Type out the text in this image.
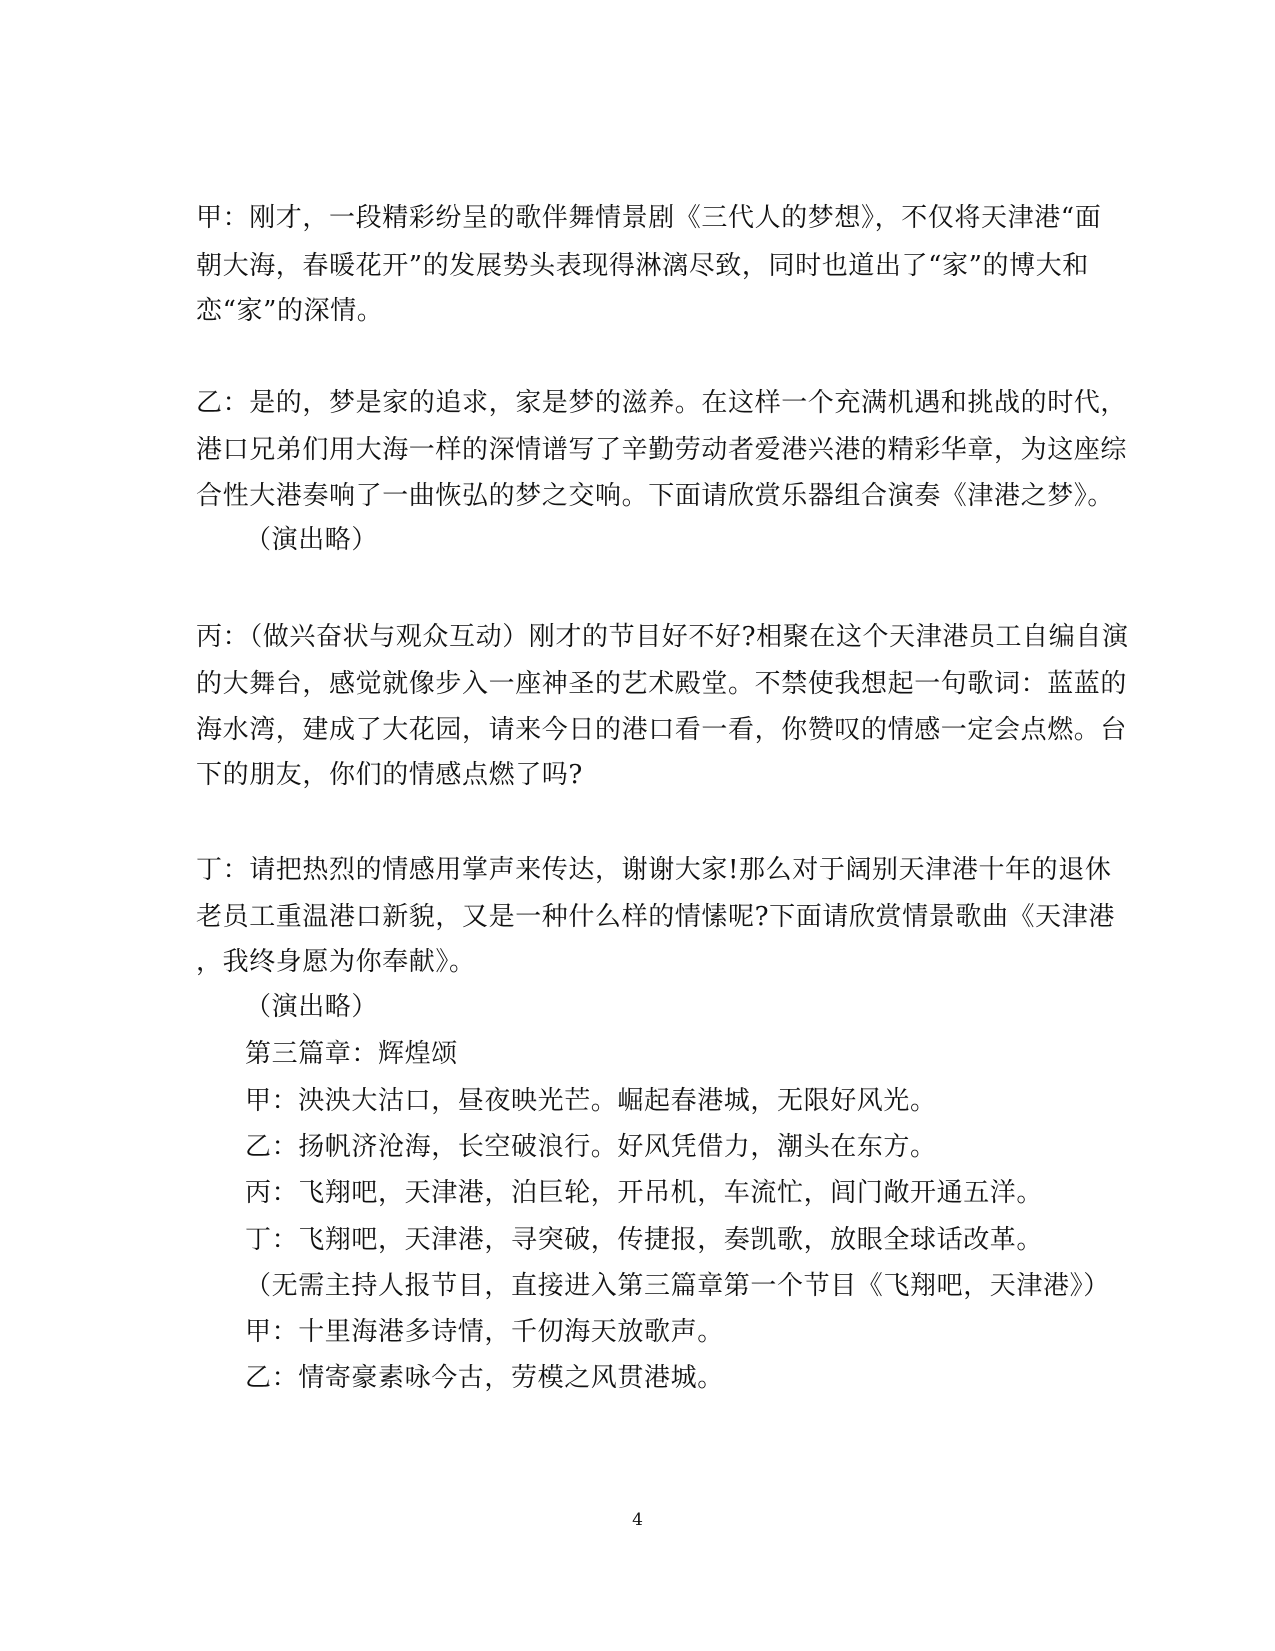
甲：刚才，一段精彩纷呈的歌伴舞情景剧《三代人的梦想》，不仅将天津港“面
朝大海，春暖花开”的发展势头表现得淋漓尽致，同时也道出了“家”的博大和
恋“家”的深情。
乙：是的，梦是家的追求，家是梦的滋养。在这样一个充满机遇和挑战的时代，
港口兄弟们用大海一样的深情谱写了辛勤劳动者爱港兴港的精彩华章，为这座综
合性大港奏响了一曲恢弘的梦之交响。下面请欣赏乐器组合演奏《津港之梦》。
（演出略）
丙：（做兴奋状与观众互动）刚才的节目好不好?相聚在这个天津港员工自编自演
的大舞台，感觉就像步入一座神圣的艺术殿堂。不禁使我想起一句歌词：蓝蓝的
海水湾，建成了大花园，请来今日的港口看一看，你赞叹的情感一定会点燃。台
下的朋友，你们的情感点燃了吗?
丁：请把热烈的情感用掌声来传达，谢谢大家!那么对于阔别天津港十年的退休
老员工重温港口新貌，又是一种什么样的情愫呢?下面请欣赏情景歌曲《天津港
，我终身愿为你奉献》。
（演出略）
第三篇章：辉煌颂
甲：泱泱大沽口，昼夜映光芒。崛起春港城，无限好风光。
乙：扬帆济沧海，长空破浪行。好风凭借力，潮头在东方。
丙：飞翔吧，天津港，泊巨轮，开吊机，车流忙，闾门敞开通五洋。
丁：飞翔吧，天津港，寻突破，传捷报，奏凯歌，放眼全球话改革。
（无需主持人报节目，直接进入第三篇章第一个节目《飞翔吧，天津港》）
甲：十里海港多诗情，千仞海天放歌声。
乙：情寄豪素咏今古，劳模之风贯港城。
4
